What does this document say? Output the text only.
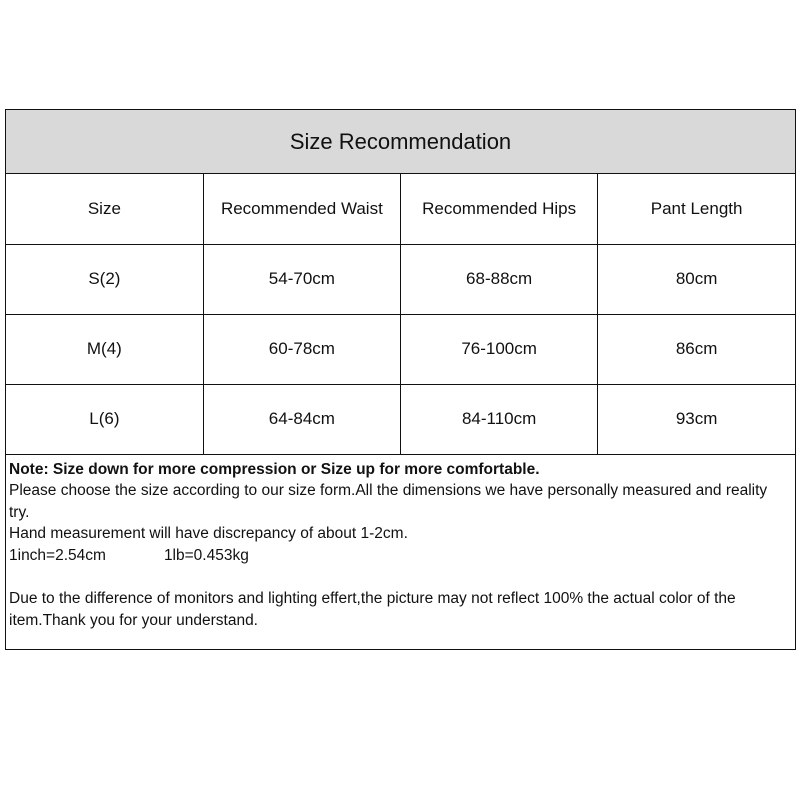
Size Recommendation
Size	Recommended Waist	Recommended Hips	Pant Length
S(2)	54-70cm	68-88cm	80cm
M(4)	60-78cm	76-100cm	86cm
L(6)	64-84cm	84-110cm	93cm

Note: Size down for more compression or Size up for more comfortable.

Please choose the size according to our size form.All the dimensions we have personally measured and reality try.

Hand measurement will have discrepancy of about 1-2cm.

1inch=2.54cm	1lb=0.453kg

Due to the difference of monitors and lighting effert,the picture may not reflect 100% the actual color of the item.Thank you for your understand.
